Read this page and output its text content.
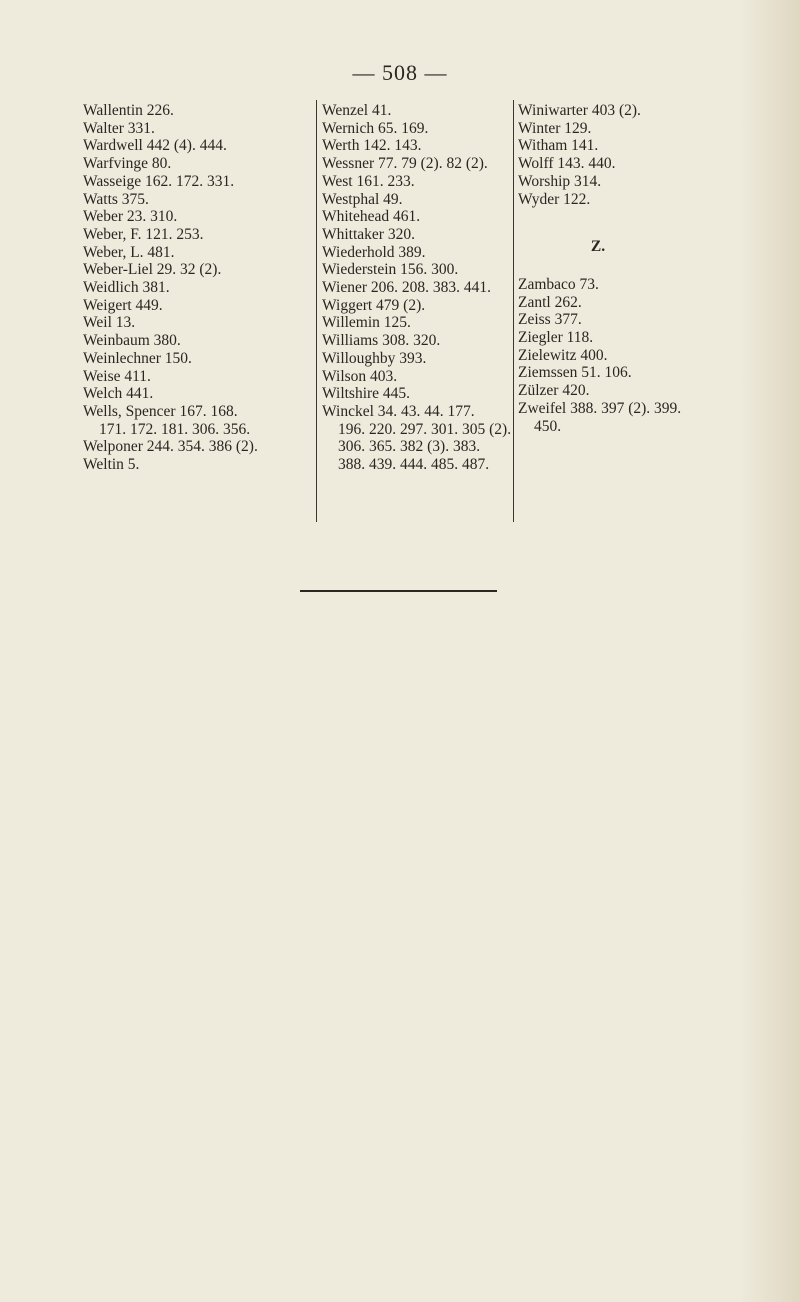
— 508 —
Wallentin 226.
Walter 331.
Wardwell 442 (4). 444.
Warfvinge 80.
Wasseige 162. 172. 331.
Watts 375.
Weber 23. 310.
Weber, F. 121. 253.
Weber, L. 481.
Weber-Liel 29. 32 (2).
Weidlich 381.
Weigert 449.
Weil 13.
Weinbaum 380.
Weinlechner 150.
Weise 411.
Welch 441.
Wells, Spencer 167. 168.
171. 172. 181. 306. 356.
Welponer 244. 354. 386 (2).
Weltin 5.
Wenzel 41.
Wernich 65. 169.
Werth 142. 143.
Wessner 77. 79 (2). 82 (2).
West 161. 233.
Westphal 49.
Whitehead 461.
Whittaker 320.
Wiederhold 389.
Wiederstein 156. 300.
Wiener 206. 208. 383. 441.
Wiggert 479 (2).
Willemin 125.
Williams 308. 320.
Willoughby 393.
Wilson 403.
Wiltshire 445.
Winckel 34. 43. 44. 177.
196. 220. 297. 301. 305 (2).
306. 365. 382 (3). 383.
388. 439. 444. 485. 487.
Winiwarter 403 (2).
Winter 129.
Witham 141.
Wolff 143. 440.
Worship 314.
Wyder 122.
Z.
Zambaco 73.
Zantl 262.
Zeiss 377.
Ziegler 118.
Zielewitz 400.
Ziemssen 51. 106.
Zülzer 420.
Zweifel 388. 397 (2). 399.
450.
